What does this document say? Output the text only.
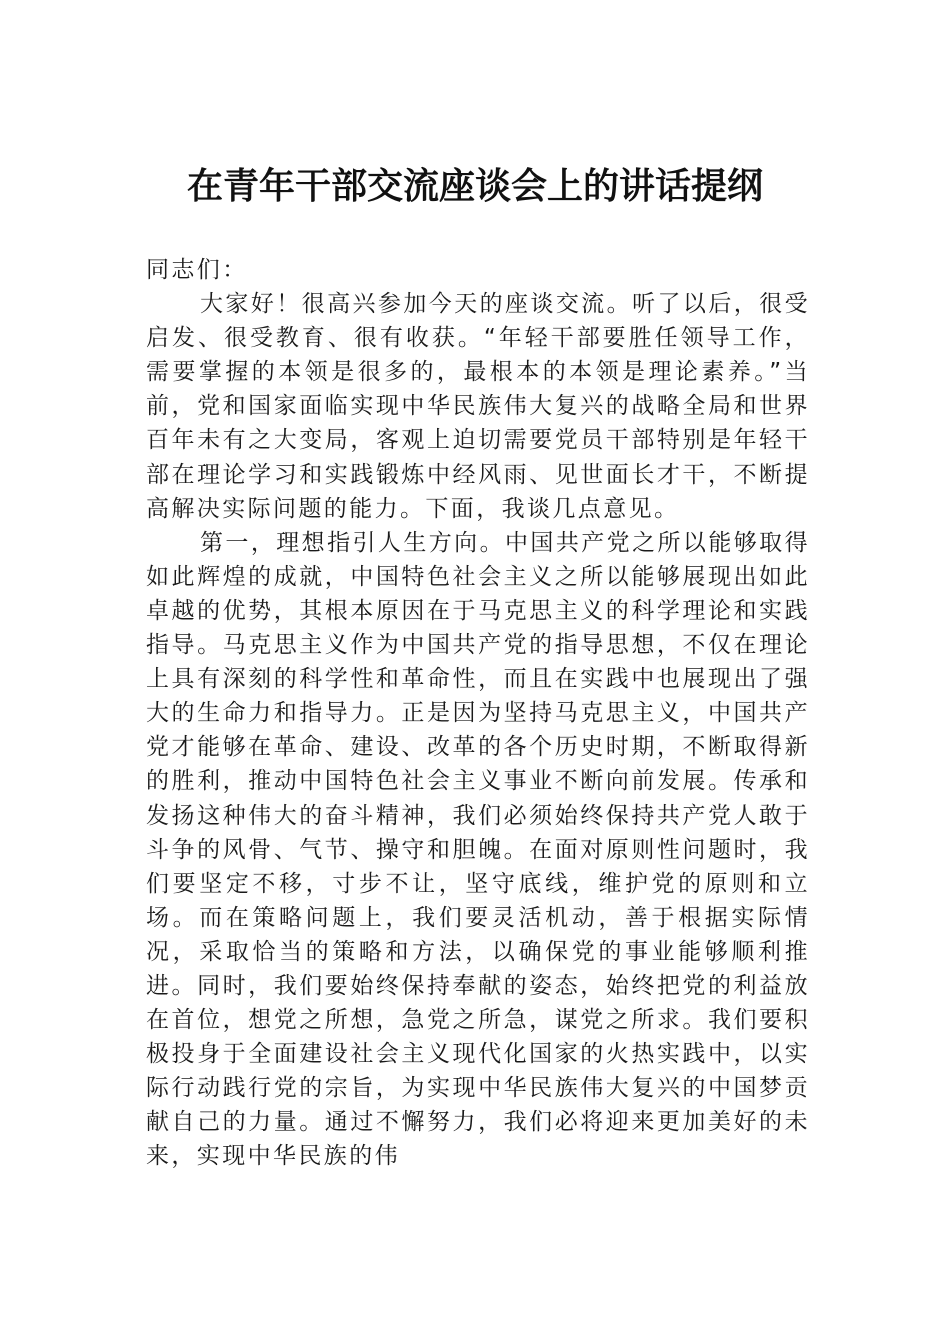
在青年干部交流座谈会上的讲话提纲

同志们：

大家好！很高兴参加今天的座谈交流。听了以后，很受启发、很受教育、很有收获。“年轻干部要胜任领导工作，需要掌握的本领是很多的，最根本的本领是理论素养。”当前，党和国家面临实现中华民族伟大复兴的战略全局和世界百年未有之大变局，客观上迫切需要党员干部特别是年轻干部在理论学习和实践锻炼中经风雨、见世面长才干，不断提高解决实际问题的能力。下面，我谈几点意见。

第一，理想指引人生方向。中国共产党之所以能够取得如此辉煌的成就，中国特色社会主义之所以能够展现出如此卓越的优势，其根本原因在于马克思主义的科学理论和实践指导。马克思主义作为中国共产党的指导思想，不仅在理论上具有深刻的科学性和革命性，而且在实践中也展现出了强大的生命力和指导力。正是因为坚持马克思主义，中国共产党才能够在革命、建设、改革的各个历史时期，不断取得新的胜利，推动中国特色社会主义事业不断向前发展。传承和发扬这种伟大的奋斗精神，我们必须始终保持共产党人敢于斗争的风骨、气节、操守和胆魄。在面对原则性问题时，我们要坚定不移，寸步不让，坚守底线，维护党的原则和立场。而在策略问题上，我们要灵活机动，善于根据实际情况，采取恰当的策略和方法，以确保党的事业能够顺利推进。同时，我们要始终保持奉献的姿态，始终把党的利益放在首位，想党之所想，急党之所急，谋党之所求。我们要积极投身于全面建设社会主义现代化国家的火热实践中，以实际行动践行党的宗旨，为实现中华民族伟大复兴的中国梦贡献自己的力量。通过不懈努力，我们必将迎来更加美好的未来，实现中华民族的伟
